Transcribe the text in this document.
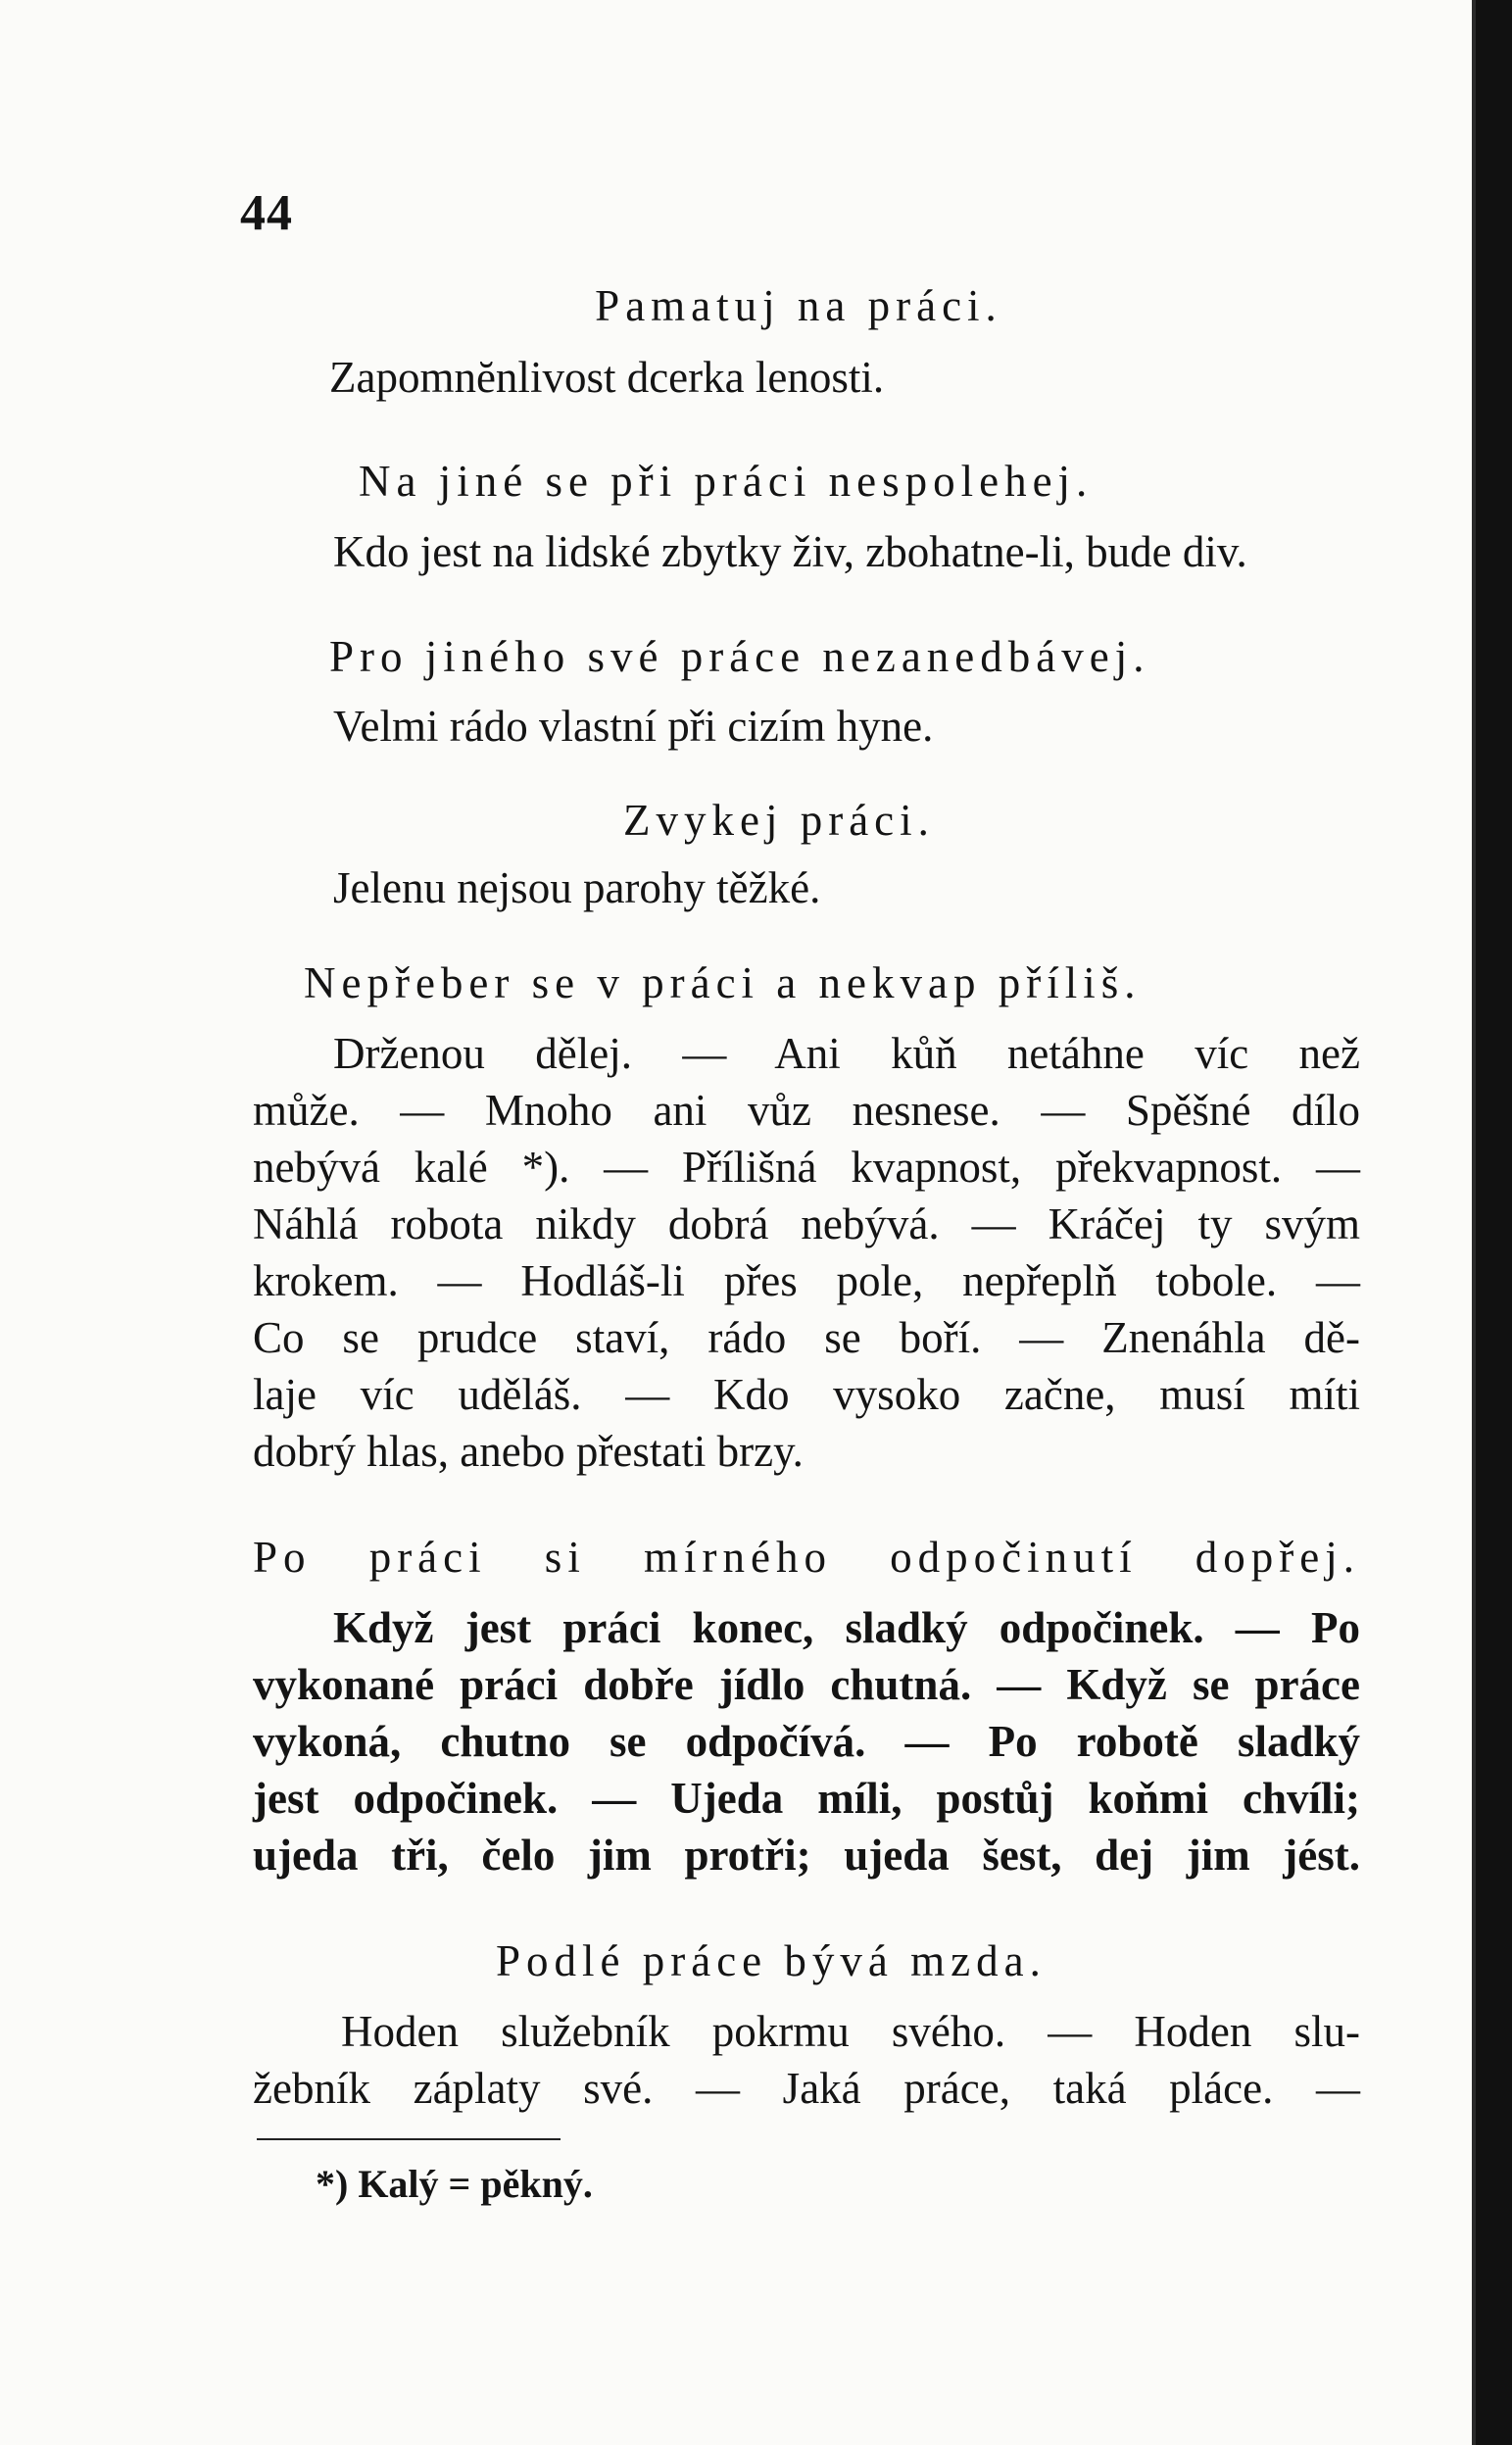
44
Pamatuj na práci.
Zapomnĕnlivost dcerka lenosti.
Na jiné se při práci nespolehej.
Kdo jest na lidské zbytky živ, zbohatne-li, bude div.
Pro jiného své práce nezanedbávej.
Velmi rádo vlastní při cizím hyne.
Zvykej práci.
Jelenu nejsou parohy těžké.
Nepřeber se v práci a nekvap příliš.
Drženou dělej. — Ani kůň netáhne víc než
může. — Mnoho ani vůz nesnese. — Spěšné dílo
nebývá kalé *). — Přílišná kvapnost, překvapnost. —
Náhlá robota nikdy dobrá nebývá. — Kráčej ty svým
krokem. — Hodláš-li přes pole, nepřeplň tobole. —
Co se prudce staví, rádo se boří. — Znenáhla dě-
laje víc uděláš. — Kdo vysoko začne, musí míti
dobrý hlas, anebo přestati brzy.
Po práci si mírného odpočinutí dopřej.
Když jest práci konec, sladký odpočinek. — Po
vykonané práci dobře jídlo chutná. — Když se práce
vykoná, chutno se odpočívá. — Po robotě sladký
jest odpočinek. — Ujeda míli, postůj koňmi chvíli;
ujeda tři, čelo jim protři; ujeda šest, dej jim jést.
Podlé práce bývá mzda.
Hoden služebník pokrmu svého. — Hoden slu-
žebník záplaty své. — Jaká práce, taká pláce. —
*) Kalý = pěkný.
